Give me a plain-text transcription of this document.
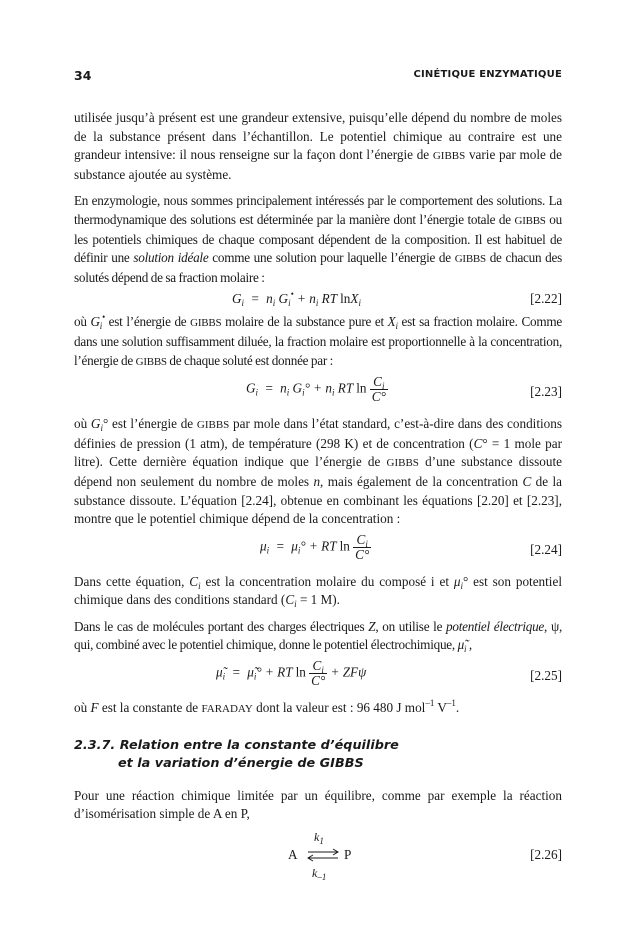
34	CINÉTIQUE ENZYMATIQUE

utilisée jusqu’à présent est une grandeur extensive, puisqu’elle dépend du nombre de moles de la substance présent dans l’échantillon. Le potentiel chimique au contraire est une grandeur intensive: il nous renseigne sur la façon dont l’énergie de GIBBS varie par mole de substance ajoutée au système.

En enzymologie, nous sommes principalement intéressés par le comportement des solutions. La thermodynamique des solutions est déterminée par la manière dont l’énergie totale de GIBBS ou les potentiels chimiques de chaque composant dépendent de la composition. Il est habituel de définir une solution idéale comme une solution pour laquelle l’énergie de GIBBS de chacun des solutés dépend de sa fraction molaire :

$G_i = n_i$ $G_i^• + n_i$ RT lnX$_i$	[2.22]

où $G_i^•$ est l’énergie de GIBBS molaire de la substance pure et $X_i$ est sa fraction molaire. Comme dans une solution suffisamment diluée, la fraction molaire est proportionnelle à la concentration, l’énergie de GIBBS de chaque soluté est donnée par :

$G_i = n_i$ $G_i^\circ + n_i$ RT $\ln \frac{C_i}{C^\circ}$	[2.23]

où $G_i^\circ$ est l’énergie de GIBBS par mole dans l’état standard, c’est-à-dire dans des conditions définies de pression (1 atm), de température (298 K) et de concentration (C° = 1 mole par litre). Cette dernière équation indique que l’énergie de GIBBS d’une substance dissoute dépend non seulement du nombre de moles n, mais également de la concentration C de la substance dissoute. L’équation [2.24], obtenue en combinant les équations [2.20] et [2.23], montre que le potentiel chimique dépend de la concentration :

$\mu_i = \mu_i^\circ$ + RT $\ln \frac{C_i}{C^\circ}$	[2.24]

Dans cette équation, $C_i$ est la concentration molaire du composé i et $\mu_i^\circ$ est son potentiel chimique dans des conditions standard ($C_i = 1$ M).

Dans le cas de molécules portant des charges électriques Z, on utilise le potentiel électrique, ψ, qui, combiné avec le potentiel chimique, donne le potentiel électrochimique, $\mũ_i$ ,

$\mũ_i$  =  $\mũ_i^\circ$ + RT $\ln \frac{C_i}{C^\circ} + ZF\psi$	[2.25]

où F est la constante de FARADAY dont la valeur est : 96 480 J mol$^{-1}$ $V^{-1}$.

2.3.7. Relation entre la constante d’équilibre
et la variation d’énergie de GIBBS

Pour une réaction chimique limitée par un équilibre, comme par exemple la réaction d’isomérisation simple de A en P,

$k_1$
A ⇌ P
$k_{-1}$
[2.26]
